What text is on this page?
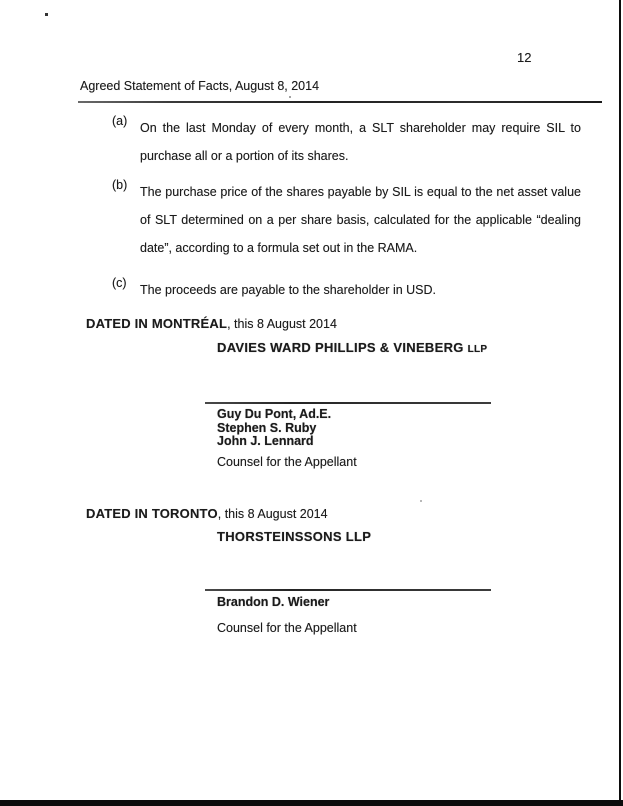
12
Agreed Statement of Facts, August 8, 2014
(a) On the last Monday of every month, a SLT shareholder may require SIL to purchase all or a portion of its shares.
(b) The purchase price of the shares payable by SIL is equal to the net asset value of SLT determined on a per share basis, calculated for the applicable “dealing date”, according to a formula set out in the RAMA.
(c) The proceeds are payable to the shareholder in USD.
DATED IN MONTRÉAL, this 8 August 2014
DAVIES WARD PHILLIPS & VINEBERG LLP
Guy Du Pont, Ad.E.
Stephen S. Ruby
John J. Lennard
Counsel for the Appellant
DATED IN TORONTO, this 8 August 2014
THORSTEINSSONS LLP
Brandon D. Wiener
Counsel for the Appellant
